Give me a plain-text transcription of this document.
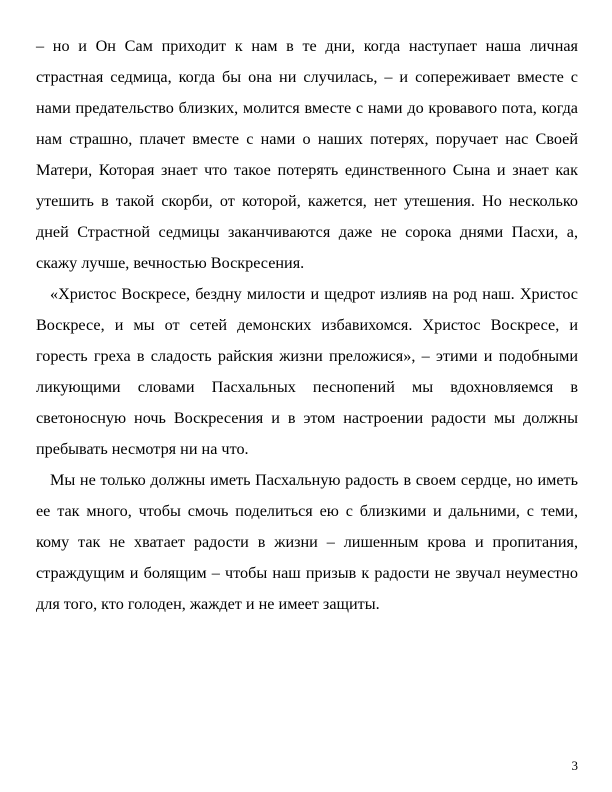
– но и Он Сам приходит к нам в те дни, когда наступает наша личная страстная седмица, когда бы она ни случилась, – и сопереживает вместе с нами предательство близких, молится вместе с нами до кровавого пота, когда нам страшно, плачет вместе с нами о наших потерях, поручает нас Своей Матери, Которая знает что такое потерять единственного Сына и знает как утешить в такой скорби, от которой, кажется, нет утешения. Но несколько дней Страстной седмицы заканчиваются даже не сорока днями Пасхи, а, скажу лучше, вечностью Воскресения.

«Христос Воскресе, бездну милости и щедрот излияв на род наш. Христос Воскресе, и мы от сетей демонских избавихомся. Христос Воскресе, и горесть греха в сладость райския жизни преложися», – этими и подобными ликующими словами Пасхальных песнопений мы вдохновляемся в светоносную ночь Воскресения и в этом настроении радости мы должны пребывать несмотря ни на что.

Мы не только должны иметь Пасхальную радость в своем сердце, но иметь ее так много, чтобы смочь поделиться ею с близкими и дальними, с теми, кому так не хватает радости в жизни – лишенным крова и пропитания, страждущим и болящим – чтобы наш призыв к радости не звучал неуместно для того, кто голоден, жаждет и не имеет защиты.

3
